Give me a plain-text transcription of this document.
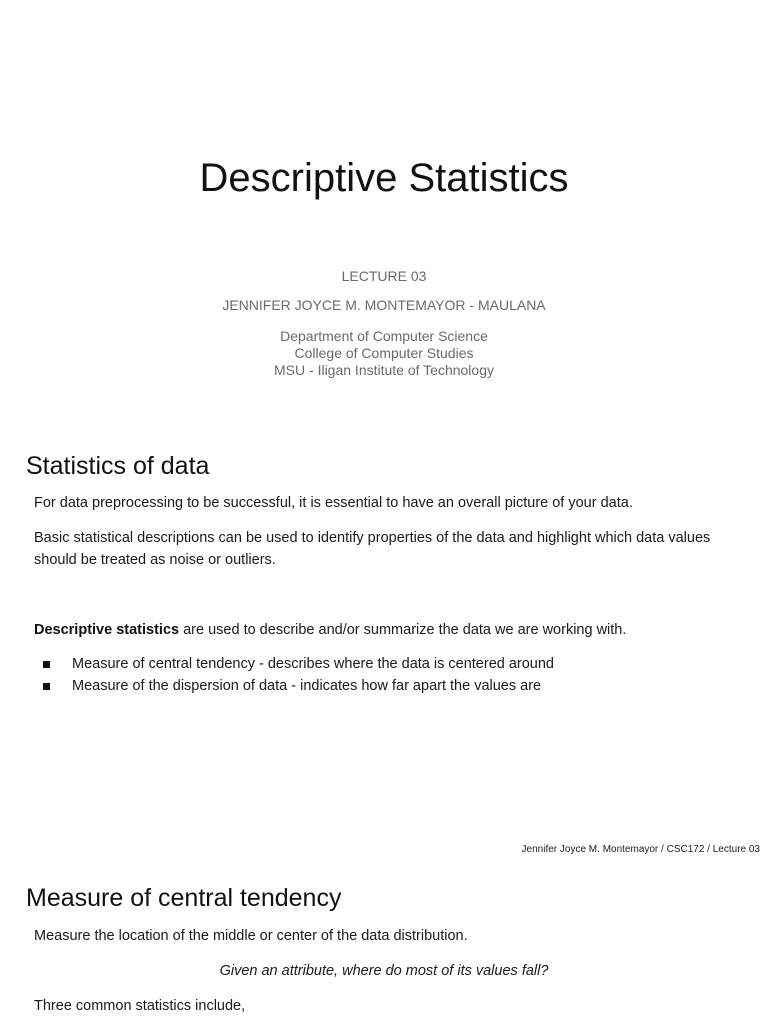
Descriptive Statistics

LECTURE 03

JENNIFER JOYCE M. MONTEMAYOR - MAULANA

Department of Computer Science
College of Computer Studies
MSU - Iligan Institute of Technology
Statistics of data

For data preprocessing to be successful, it is essential to have an overall picture of your data.

Basic statistical descriptions can be used to identify properties of the data and highlight which data values should be treated as noise or outliers.

Descriptive statistics are used to describe and/or summarize the data we are working with.

Measure of central tendency - describes where the data is centered around
Measure of the dispersion of data - indicates how far apart the values are

Jennifer Joyce M. Montemayor / CSC172 / Lecture 03

Measure of central tendency

Measure the location of the middle or center of the data distribution.

Given an attribute, where do most of its values fall?

Three common statistics include,
